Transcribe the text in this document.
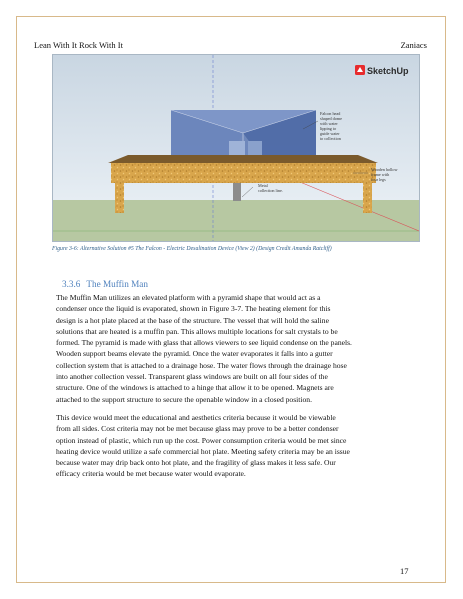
Lean With It Rock With It	Zaniacs
Falcon head
shaped dome
with water
lipping to
guide water
to collection
Wooden hollow
frame with
four legs
Metal
collection line.
SketchUp
Figure 3-6: Alternative Solution #5 The Falcon - Electric Desalination Device (View 2) (Design Credit Amanda Ratcliff)
3.3.6 The Muffin Man

The Muffin Man utilizes an elevated platform with a pyramid shape that would act as a
condenser once the liquid is evaporated, shown in Figure 3-7. The heating element for this
design is a hot plate placed at the base of the structure. The vessel that will hold the saline
solutions that are heated is a muffin pan. This allows multiple locations for salt crystals to be
formed. The pyramid is made with glass that allows viewers to see liquid condense on the panels.
Wooden support beams elevate the pyramid. Once the water evaporates it falls into a gutter
collection system that is attached to a drainage hose. The water flows through the drainage hose
into another collection vessel. Transparent glass windows are built on all four sides of the
structure. One of the windows is attached to a hinge that allow it to be opened. Magnets are
attached to the support structure to secure the openable window in a closed position.

This device would meet the educational and aesthetics criteria because it would be viewable
from all sides. Cost criteria may not be met because glass may prove to be a better condenser
option instead of plastic, which run up the cost. Power consumption criteria would be met since
heating device would utilize a safe commercial hot plate. Meeting safety criteria may be an issue
because water may drip back onto hot plate, and the fragility of glass makes it less safe. Our
efficacy criteria would be met because water would evaporate.

17
